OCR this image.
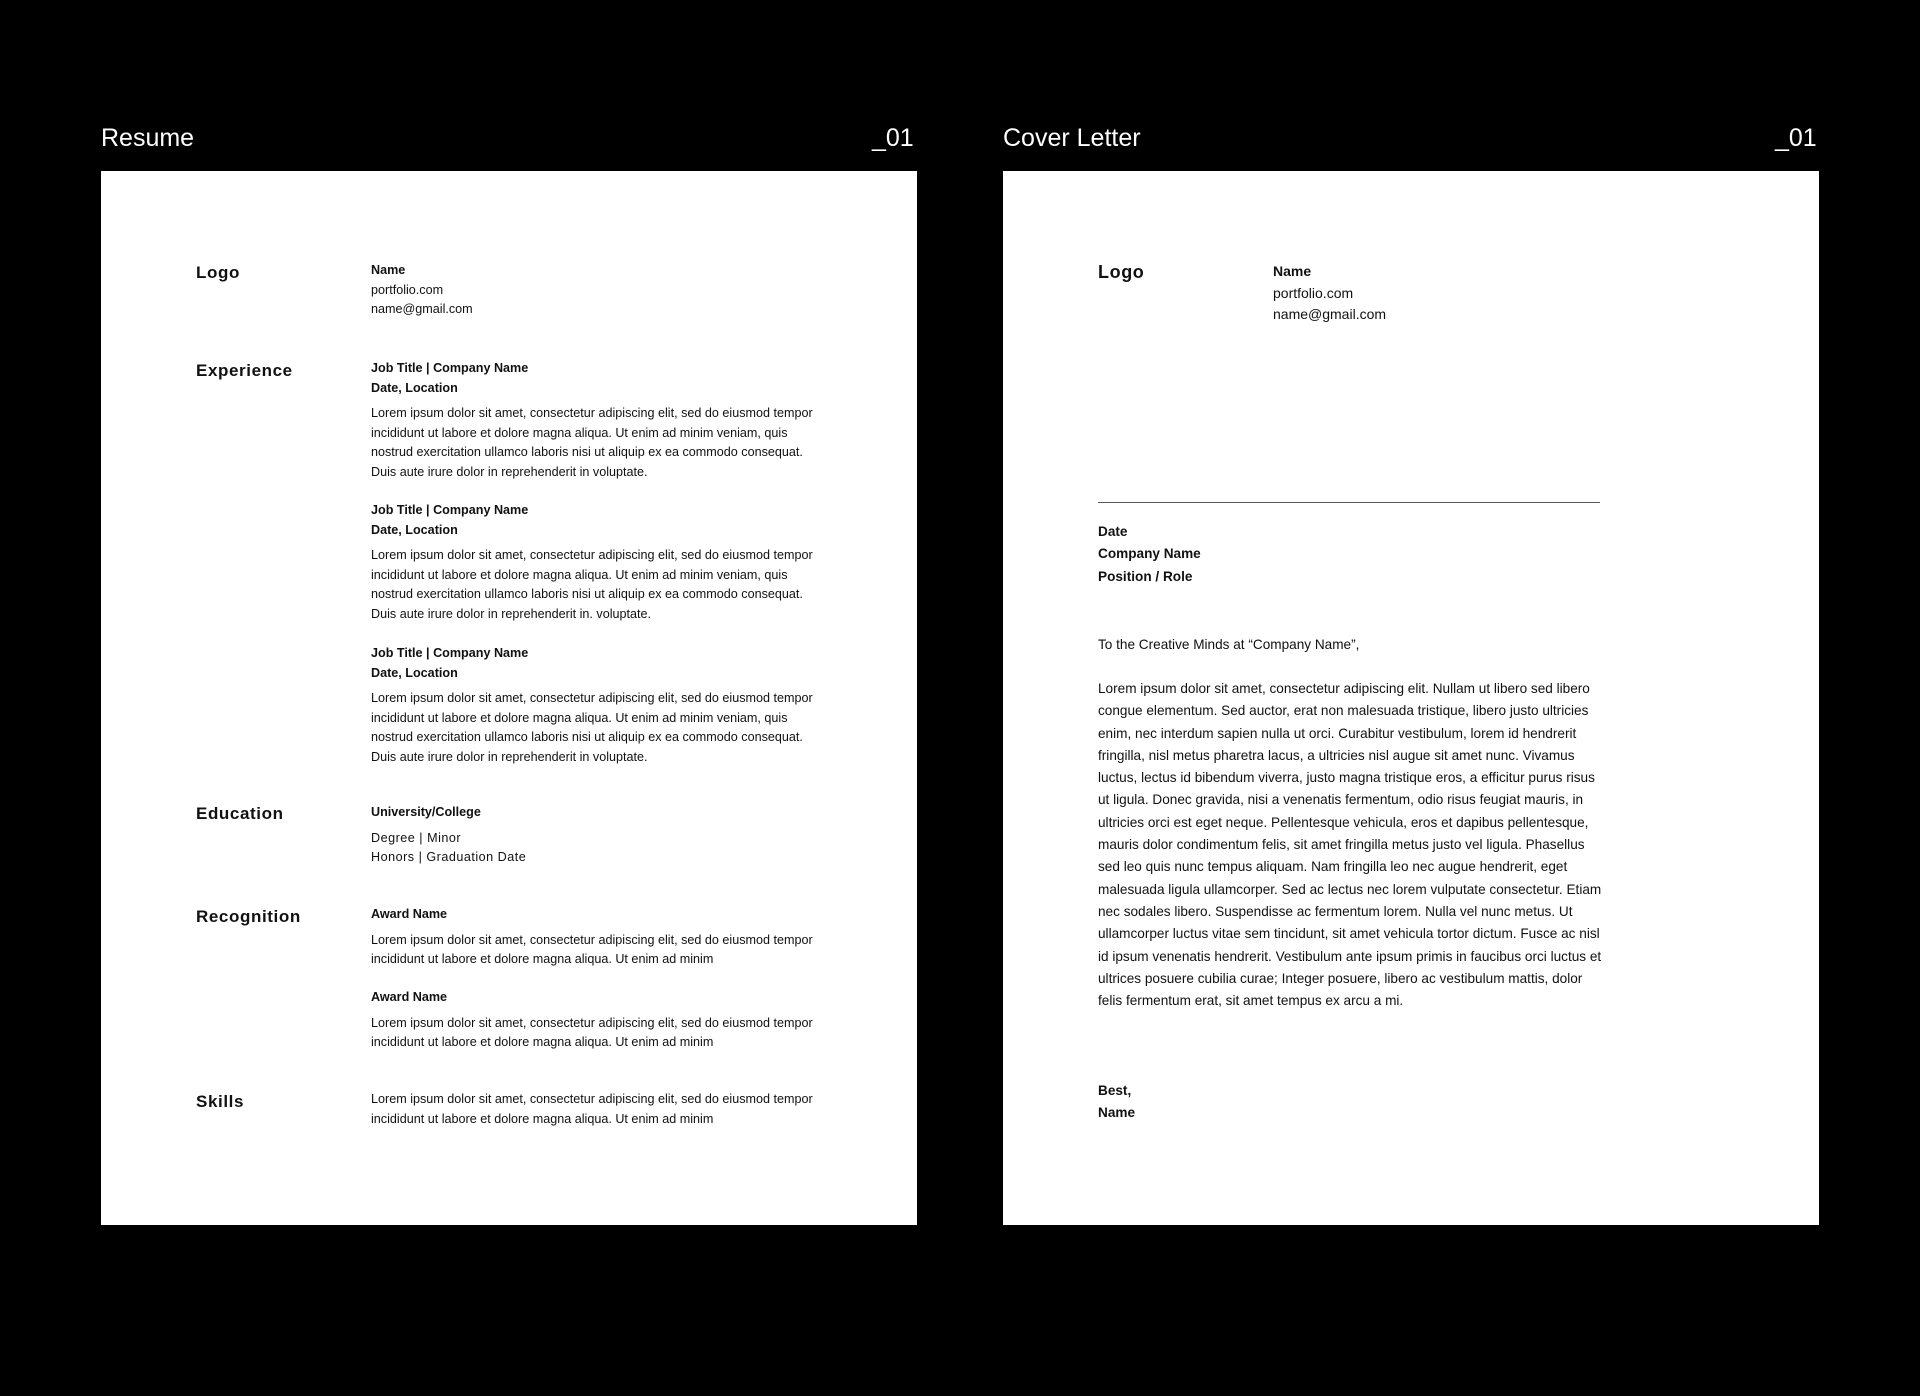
Resume	_01	Cover Letter	_01
Logo	Name
portfolio.com
name@gmail.com
Experience	Job Title | Company Name
Date, Location
Lorem ipsum dolor sit amet, consectetur adipiscing elit, sed do eiusmod tempor incididunt ut labore et dolore magna aliqua. Ut enim ad minim veniam, quis nostrud exercitation ullamco laboris nisi ut aliquip ex ea commodo consequat. Duis aute irure dolor in reprehenderit in voluptate.
Job Title | Company Name
Date, Location
Lorem ipsum dolor sit amet, consectetur adipiscing elit, sed do eiusmod tempor incididunt ut labore et dolore magna aliqua. Ut enim ad minim veniam, quis nostrud exercitation ullamco laboris nisi ut aliquip ex ea commodo consequat. Duis aute irure dolor in reprehenderit in. voluptate.
Job Title | Company Name
Date, Location
Lorem ipsum dolor sit amet, consectetur adipiscing elit, sed do eiusmod tempor incididunt ut labore et dolore magna aliqua. Ut enim ad minim veniam, quis nostrud exercitation ullamco laboris nisi ut aliquip ex ea commodo consequat. Duis aute irure dolor in reprehenderit in voluptate.
Education	University/College
Degree | Minor
Honors | Graduation Date
Recognition	Award Name
Lorem ipsum dolor sit amet, consectetur adipiscing elit, sed do eiusmod tempor incididunt ut labore et dolore magna aliqua. Ut enim ad minim
Award Name
Lorem ipsum dolor sit amet, consectetur adipiscing elit, sed do eiusmod tempor incididunt ut labore et dolore magna aliqua. Ut enim ad minim
Skills	Lorem ipsum dolor sit amet, consectetur adipiscing elit, sed do eiusmod tempor incididunt ut labore et dolore magna aliqua. Ut enim ad minim
Logo	Name
portfolio.com
name@gmail.com
Date
Company Name
Position / Role
To the Creative Minds at “Company Name”,
Lorem ipsum dolor sit amet, consectetur adipiscing elit. Nullam ut libero sed libero congue elementum. Sed auctor, erat non malesuada tristique, libero justo ultricies enim, nec interdum sapien nulla ut orci. Curabitur vestibulum, lorem id hendrerit fringilla, nisl metus pharetra lacus, a ultricies nisl augue sit amet nunc. Vivamus luctus, lectus id bibendum viverra, justo magna tristique eros, a efficitur purus risus ut ligula. Donec gravida, nisi a venenatis fermentum, odio risus feugiat mauris, in ultricies orci est eget neque. Pellentesque vehicula, eros et dapibus pellentesque, mauris dolor condimentum felis, sit amet fringilla metus justo vel ligula. Phasellus sed leo quis nunc tempus aliquam. Nam fringilla leo nec augue hendrerit, eget malesuada ligula ullamcorper. Sed ac lectus nec lorem vulputate consectetur. Etiam nec sodales libero. Suspendisse ac fermentum lorem. Nulla vel nunc metus. Ut ullamcorper luctus vitae sem tincidunt, sit amet vehicula tortor dictum. Fusce ac nisl id ipsum venenatis hendrerit. Vestibulum ante ipsum primis in faucibus orci luctus et ultrices posuere cubilia curae; Integer posuere, libero ac vestibulum mattis, dolor felis fermentum erat, sit amet tempus ex arcu a mi.
Best,
Name
